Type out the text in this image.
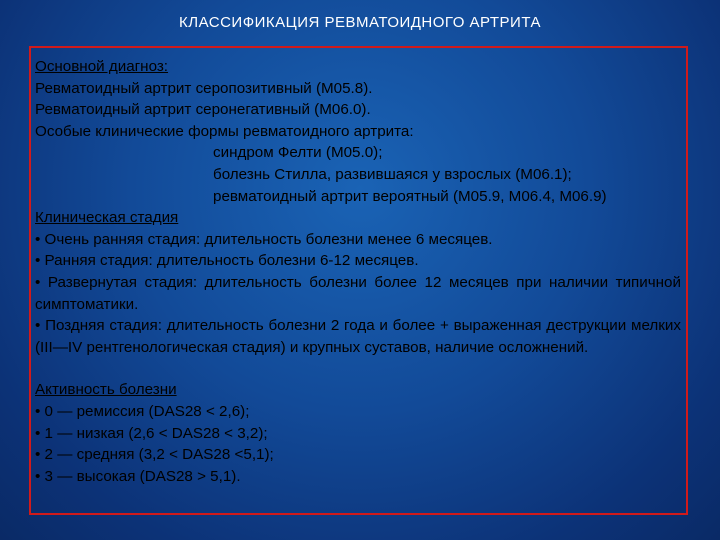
КЛАССИФИКАЦИЯ РЕВМАТОИДНОГО АРТРИТА
Основной диагноз:
Ревматоидный артрит серопозитивный (М05.8).
Ревматоидный артрит серонегативный (М06.0).
Особые клинические формы ревматоидного артрита:
синдром Фелти (М05.0);
болезнь Стилла, развившаяся у взрослых (М06.1);
ревматоидный артрит вероятный (М05.9, М06.4, М06.9)
Клиническая стадия
• Очень ранняя стадия: длительность болезни менее 6 месяцев.
• Ранняя стадия: длительность болезни 6-12 месяцев.
• Развернутая стадия: длительность болезни более 12 месяцев при наличии типичной симптоматики.
• Поздняя стадия: длительность болезни 2 года и более + выраженная деструкции мелких (III—IV рентгенологическая стадия) и крупных суставов, наличие осложнений.
Активность болезни
• 0 — ремиссия (DAS28 < 2,6);
• 1 — низкая (2,6 < DAS28 < 3,2);
• 2 — средняя (3,2 < DAS28 <5,1);
• 3 — высокая (DAS28 > 5,1).
